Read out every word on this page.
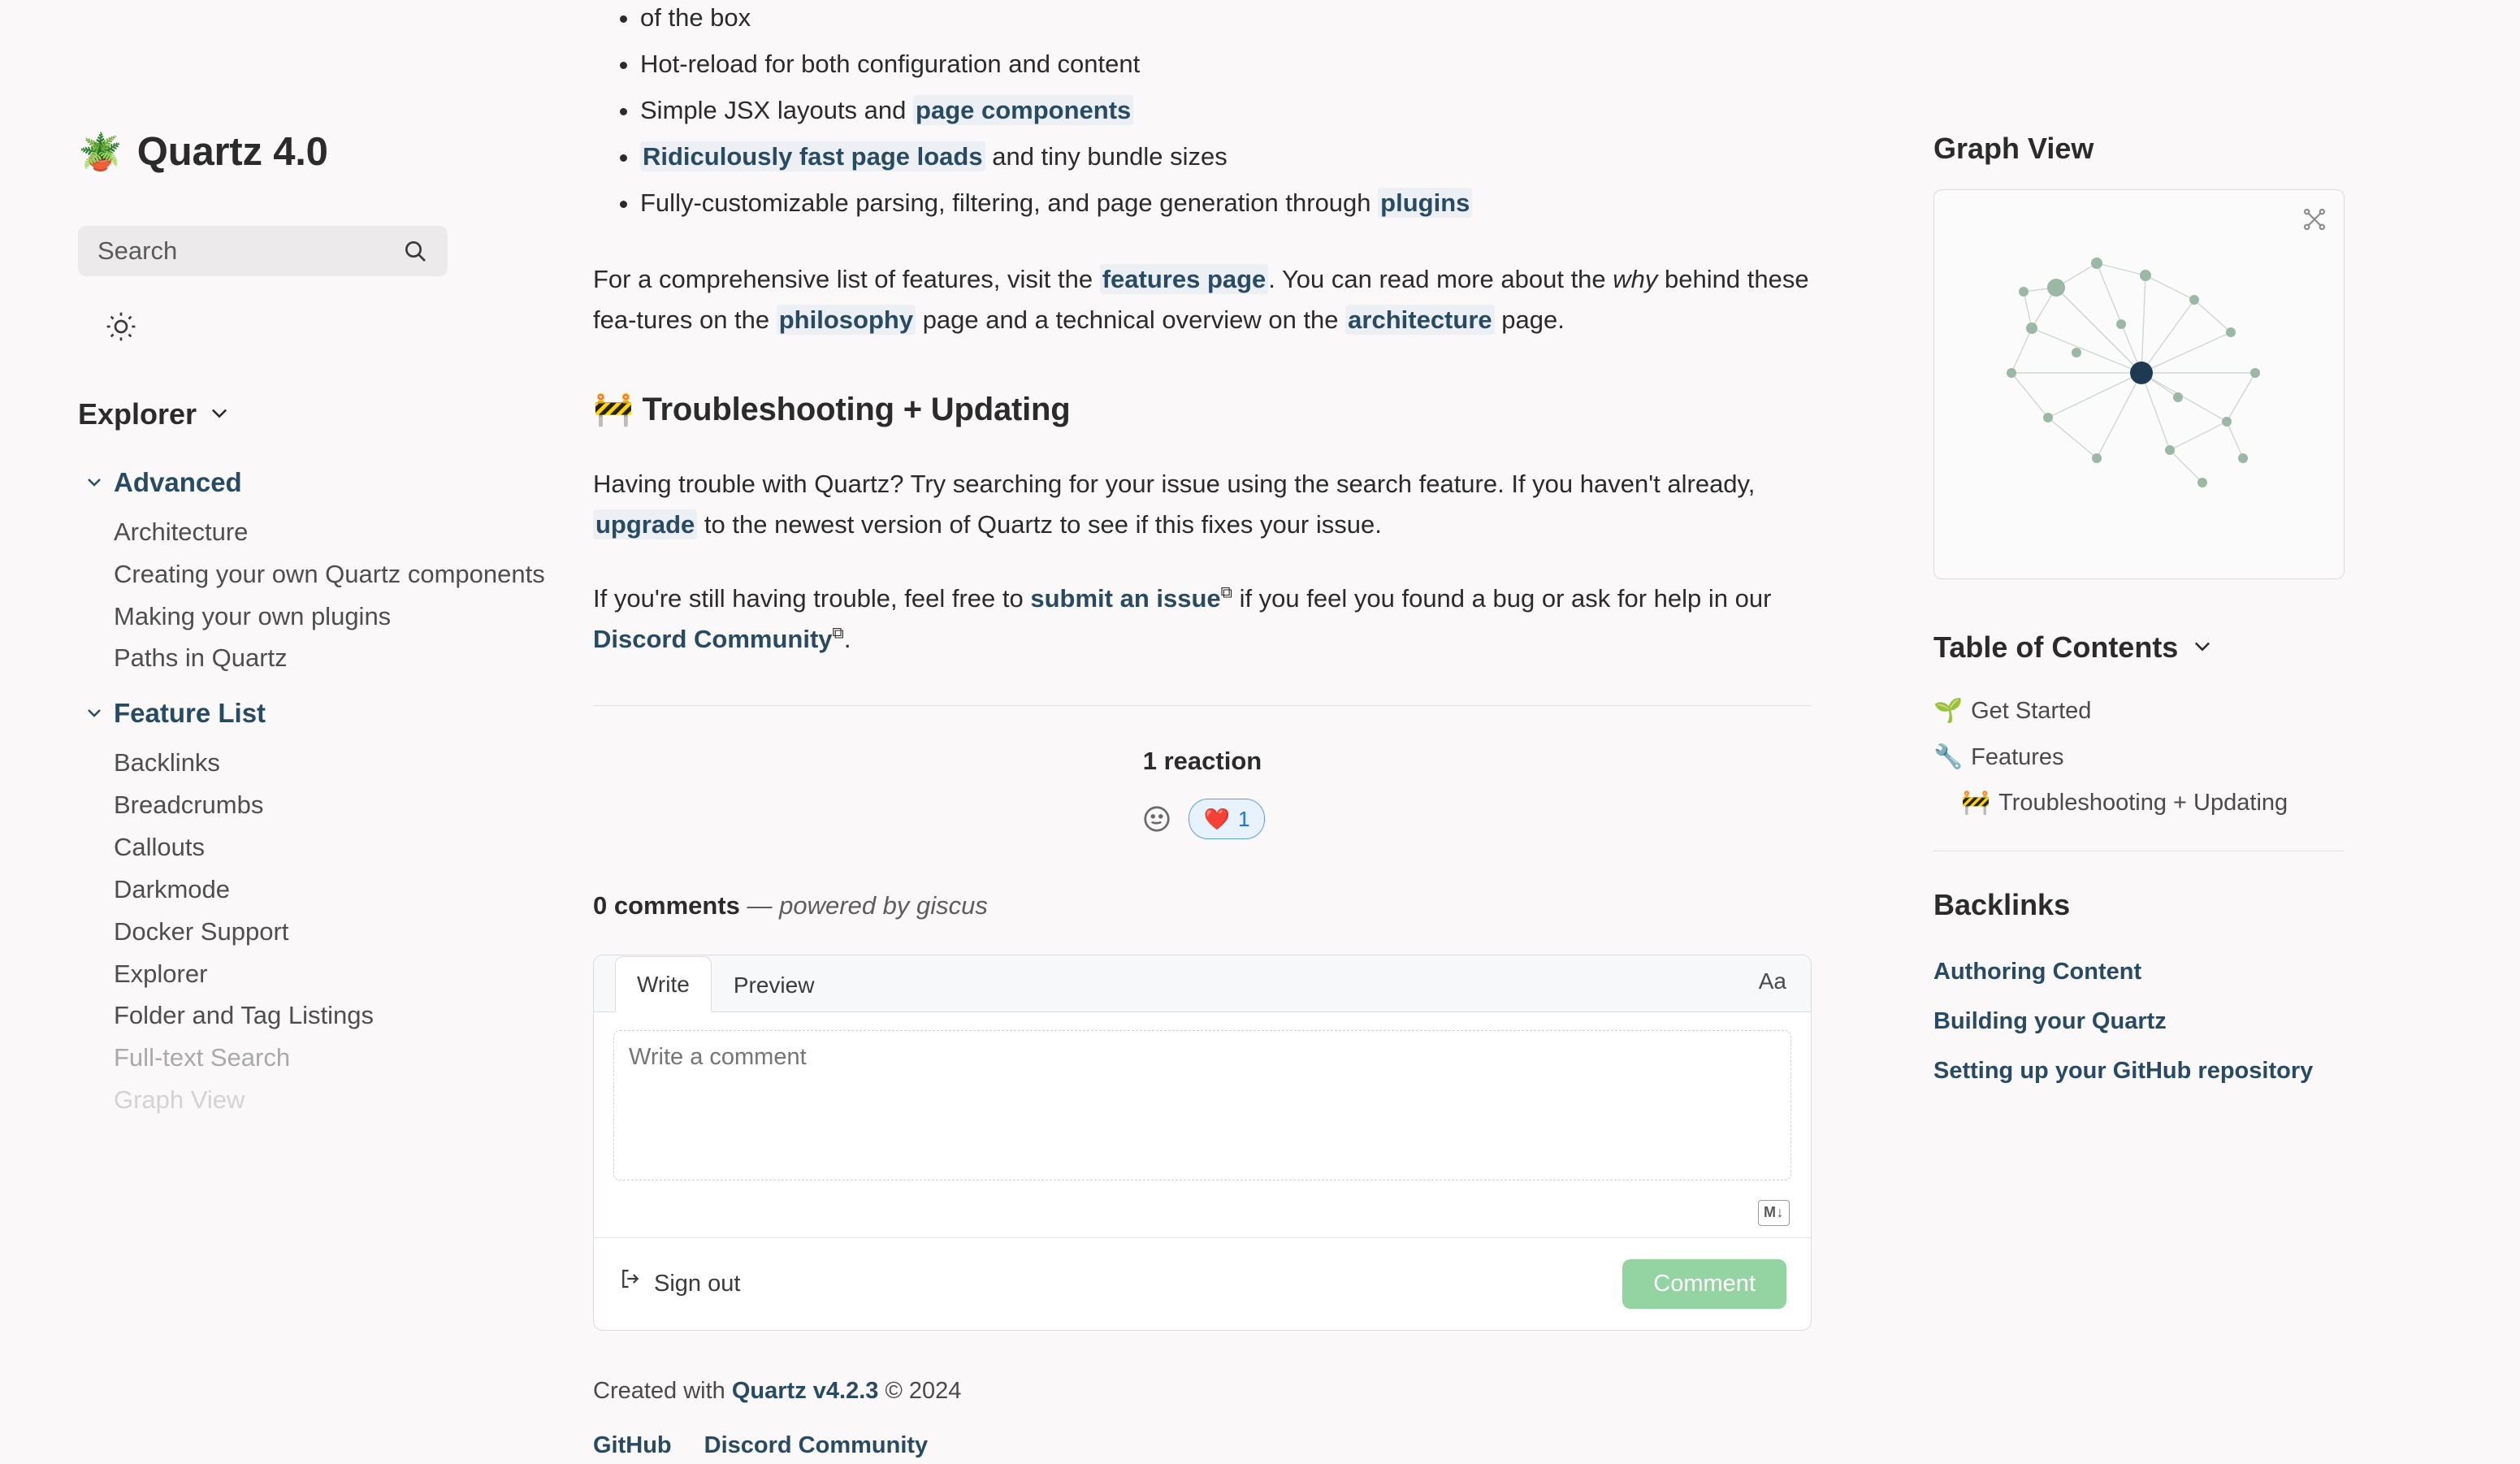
🪴 Quartz 4.0
Search
Explorer
Advanced
Architecture
Creating your own Quartz components
Making your own plugins
Paths in Quartz
Feature List
Backlinks
Breadcrumbs
Callouts
Darkmode
Docker Support
Explorer
Folder and Tag Listings
Full-text Search
Graph View
• of the box
• Hot-reload for both configuration and content
• Simple JSX layouts and page components
• Ridiculously fast page loads and tiny bundle sizes
• Fully-customizable parsing, filtering, and page generation through plugins

For a comprehensive list of features, visit the features page. You can read more about the why behind these fea-tures on the philosophy page and a technical overview on the architecture page.

🚧 Troubleshooting + Updating

Having trouble with Quartz? Try searching for your issue using the search feature. If you haven't already, upgrade to the newest version of Quartz to see if this fixes your issue.

If you're still having trouble, feel free to submit an issue⧉ if you feel you found a bug or ask for help in our Discord Community⧉.

1 reaction
❤️ 1
0 comments — powered by giscus
Write	Preview	Aa
Write a comment
M↓
Sign out	Comment
Created with Quartz v4.2.3 © 2024
GitHub Discord Community
Graph View
Table of Contents
🌱 Get Started
🔧 Features
🚧 Troubleshooting + Updating
Backlinks
Authoring Content
Building your Quartz
Setting up your GitHub repository
